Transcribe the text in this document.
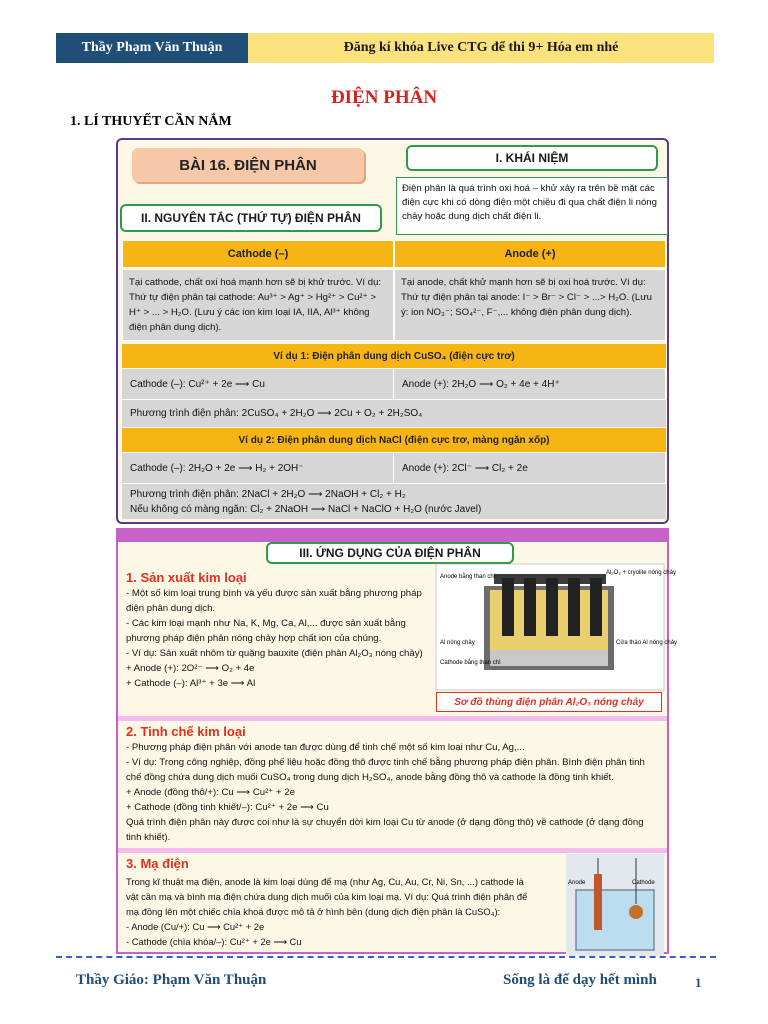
Thầy Phạm Văn Thuận	Đăng kí khóa Live CTG để thi 9+ Hóa em nhé
ĐIỆN PHÂN
1. LÍ THUYẾT CẦN NẮM
BÀI 16. ĐIỆN PHÂN	I. KHÁI NIỆM
Điện phân là quá trình oxi hoá – khử xảy ra trên bề mặt các điện cực khi có dòng điện một chiều đi qua chất điện li nóng chảy hoặc dung dịch chất điện li.
II. NGUYÊN TẮC (THỨ TỰ) ĐIỆN PHÂN
Cathode (–)	Anode (+)
Tại cathode, chất oxi hoá mạnh hơn sẽ bị khử trước. Ví dụ: Thứ tự điện phân tại cathode: Au³⁺ > Ag⁺ > Hg²⁺ > Cu²⁺ > H⁺ > ... > H₂O. (Lưu ý các ion kim loại IA, IIA, Al³⁺ không điện phân dung dịch).
Tại anode, chất khử mạnh hơn sẽ bị oxi hoá trước. Ví dụ: Thứ tự điện phân tại anode: I⁻ > Br⁻ > Cl⁻ > ...> H₂O. (Lưu ý: ion NO₃⁻; SO₄²⁻, F⁻,... không điện phân dung dịch).
Ví dụ 1: Điện phân dung dịch CuSO₄ (điện cực trơ)
Cathode (–): Cu²⁺ + 2e ⟶ Cu	Anode (+): 2H₂O ⟶ O₂ + 4e + 4H⁺
Phương trình điện phân: 2CuSO₄ + 2H₂O ⟶ 2Cu + O₂ + 2H₂SO₄
Ví dụ 2: Điện phân dung dịch NaCl (điện cực trơ, màng ngăn xốp)
Cathode (–): 2H₂O + 2e ⟶ H₂ + 2OH⁻	Anode (+): 2Cl⁻ ⟶ Cl₂ + 2e
Phương trình điện phân: 2NaCl + 2H₂O ⟶ 2NaOH + Cl₂ + H₂
Nếu không có màng ngăn: Cl₂ + 2NaOH ⟶ NaCl + NaClO + H₂O (nước Javel)
III. ỨNG DỤNG CỦA ĐIỆN PHÂN
1. Sản xuất kim loại
- Một số kim loại trung bình và yếu được sản xuất bằng phương pháp
điện phân dung dịch.
- Các kim loại mạnh như Na, K, Mg, Ca, Al,... được sản xuất bằng
phương pháp điện phân nóng chảy hợp chất ion của chúng.
- Ví dụ: Sản xuất nhôm từ quặng bauxite (điện phân Al₂O₃ nóng chảy)
+ Anode (+): 2O²⁻ ⟶ O₂ + 4e
+ Cathode (–): Al³⁺ + 3e ⟶ Al
Anode bằng than chì
Al₂O₃ + cryolite nóng chảy
Al nóng chảy
Cathode bằng than chì
Cửa tháo Al nóng chảy
Sơ đồ thùng điện phân Al₂O₃ nóng chảy
2. Tinh chế kim loại
- Phương pháp điện phân với anode tan được dùng để tinh chế một số kim loại như Cu, Ag,...
- Ví dụ: Trong công nghiệp, đồng phế liệu hoặc đồng thô được tinh chế bằng phương pháp điện phân. Bình điện phân tinh
chế đồng chứa dung dịch muối CuSO₄ trong dung dịch H₂SO₄, anode bằng đồng thô và cathode là đồng tinh khiết.
+ Anode (đồng thô/+): Cu ⟶ Cu²⁺ + 2e
+ Cathode (đồng tinh khiết/–): Cu²⁺ + 2e ⟶ Cu
Quá trình điện phân này được coi như là sự chuyển dời kim loại Cu từ anode (ở dạng đồng thô) về cathode (ở dạng đồng
tinh khiết).
3. Mạ điện
Trong kĩ thuật mạ điện, anode là kim loại dùng để mạ (như Ag, Cu, Au, Cr, Ni, Sn, ...) cathode là
vật cần mạ và bình mạ điện chứa dung dịch muối của kim loại mạ. Ví dụ: Quá trình điện phân để
mạ đồng lên một chiếc chìa khoá được mô tả ở hình bên (dung dịch điện phân là CuSO₄):
- Anode (Cu/+): Cu ⟶ Cu²⁺ + 2e
- Cathode (chìa khóa/–): Cu²⁺ + 2e ⟶ Cu
Anode	Cathode
Thầy Giáo: Phạm Văn Thuận	Sống là để dạy hết mình	1
